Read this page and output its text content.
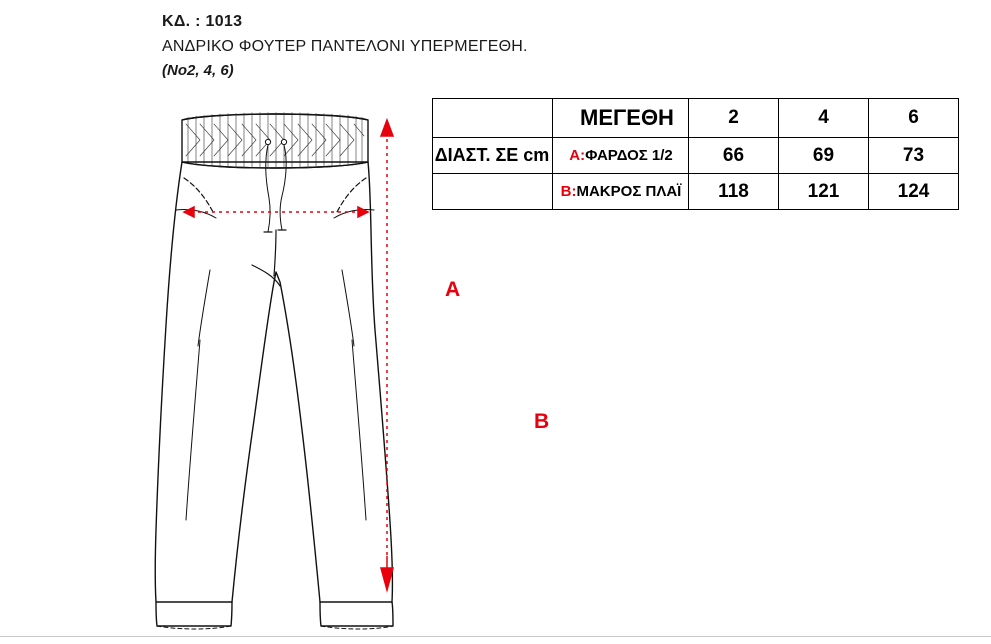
ΚΔ. : 1013
ΑΝΔΡΙΚΟ ΦΟΥΤΕΡ ΠΑΝΤΕΛΟΝΙ ΥΠΕΡΜΕΓΕΘΗ.
(Νο2, 4, 6)
	ΜΕΓΕΘΗ	2	4	6
ΔΙΑΣΤ. ΣΕ cm	A:ΦΑΡΔΟΣ 1/2	66	69	73
	B:ΜΑΚΡΟΣ ΠΛΑΪ	118	121	124
A
B
